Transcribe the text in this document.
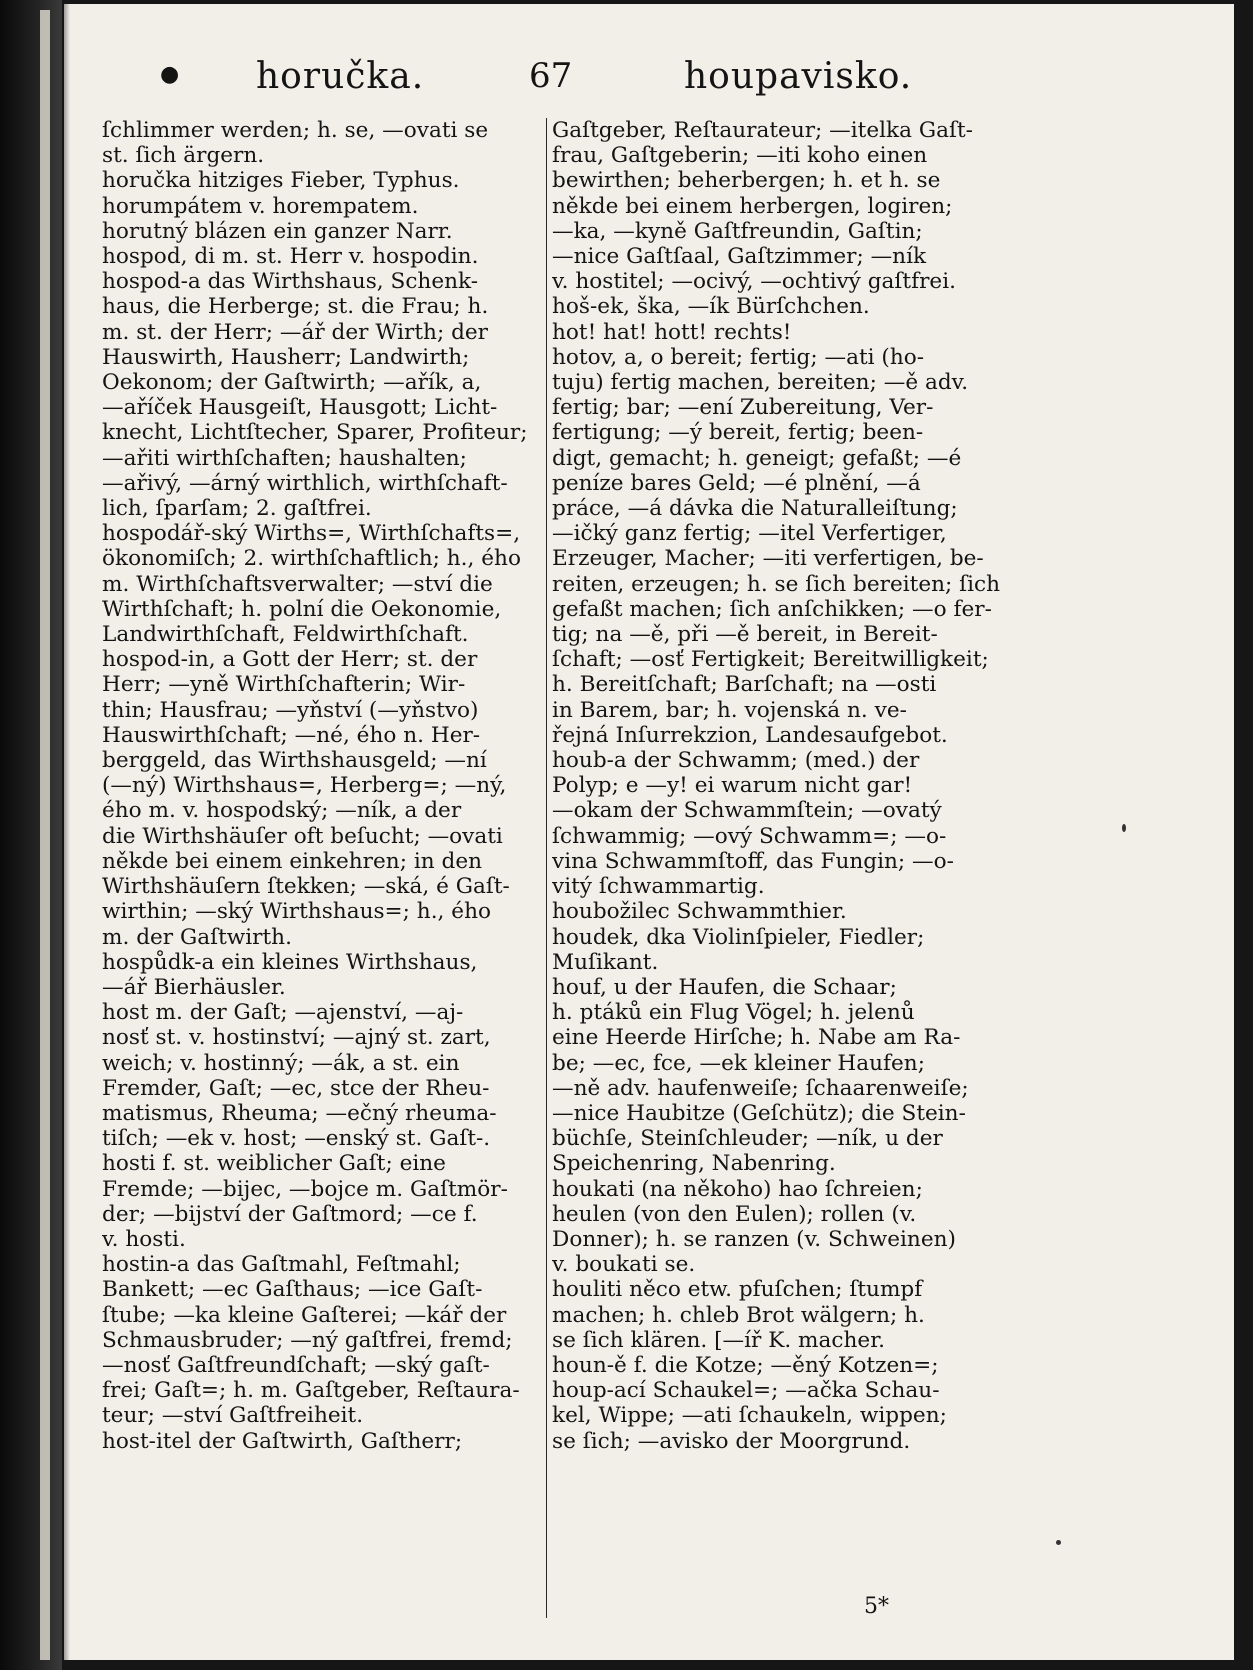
● horučka.	67	houpavisko.
ſchlimmer werden; h. se, —ovati se
st. ſich ärgern.
horučka hitziges Fieber, Typhus.
horumpátem v. horempatem.
horutný blázen ein ganzer Narr.
hospod, di m. st. Herr v. hospodin.
hospod-a das Wirthshaus, Schenk-
haus, die Herberge; st. die Frau; h.
m. st. der Herr; —ář der Wirth; der
Hauswirth, Hausherr; Landwirth;
Oekonom; der Gaſtwirth; —ařík, a,
—aříček Hausgeiſt, Hausgott; Licht-
knecht, Lichtſtecher, Sparer, Profiteur;
—ařiti wirthſchaften; haushalten;
—ařivý, —árný wirthlich, wirthſchaft-
lich, ſparſam; 2. gaſtfrei.
hospodář-ský Wirths=, Wirthſchafts=,
ökonomiſch; 2. wirthſchaftlich; h., ého
m. Wirthſchaftsverwalter; —ství die
Wirthſchaft; h. polní die Oekonomie,
Landwirthſchaft, Feldwirthſchaft.
hospod-in, a Gott der Herr; st. der
Herr; —yně Wirthſchafterin; Wir-
thin; Hausfrau; —yňství (—yňstvo)
Hauswirthſchaft; —né, ého n. Her-
berggeld, das Wirthshausgeld; —ní
(—ný) Wirthshaus=, Herberg=; —ný,
ého m. v. hospodský; —ník, a der
die Wirthshäuſer oft beſucht; —ovati
někde bei einem einkehren; in den
Wirthshäuſern ſtekken; —ská, é Gaſt-
wirthin; —ský Wirthshaus=; h., ého
m. der Gaſtwirth.
hospůdk-a ein kleines Wirthshaus,
—ář Bierhäusler.
host m. der Gaſt; —ajenství, —aj-
nosť st. v. hostinství; —ajný st. zart,
weich; v. hostinný; —ák, a st. ein
Fremder, Gaſt; —ec, stce der Rheu-
matismus, Rheuma; —ečný rheuma-
tiſch; —ek v. host; —enský st. Gaſt-.
hosti f. st. weiblicher Gaſt; eine
Fremde; —bijec, —bojce m. Gaſtmör-
der; —bijství der Gaſtmord; —ce f.
v. hosti.
hostin-a das Gaſtmahl, Feſtmahl;
Bankett; —ec Gaſthaus; —ice Gaſt-
ſtube; —ka kleine Gaſterei; —kář der
Schmausbruder; —ný gaſtfrei, fremd;
—nosť Gaſtfreundſchaft; —ský gaſt-
frei; Gaſt=; h. m. Gaſtgeber, Reſtaura-
teur; —ství Gaſtfreiheit.
host-itel der Gaſtwirth, Gaſtherr;
Gaſtgeber, Reſtaurateur; —itelka Gaſt-
frau, Gaſtgeberin; —iti koho einen
bewirthen; beherbergen; h. et h. se
někde bei einem herbergen, logiren;
—ka, —kyně Gaſtfreundin, Gaſtin;
—nice Gaſtſaal, Gaſtzimmer; —ník
v. hostitel; —ocivý, —ochtivý gaſtfrei.
hoš-ek, ška, —ík Bürſchchen.
hot! hat! hott! rechts!
hotov, a, o bereit; fertig; —ati (ho-
tuju) fertig machen, bereiten; —ě adv.
fertig; bar; —ení Zubereitung, Ver-
fertigung; —ý bereit, fertig; been-
digt, gemacht; h. geneigt; gefaßt; —é
peníze bares Geld; —é plnění, —á
práce, —á dávka die Naturalleiſtung;
—ičký ganz fertig; —itel Verfertiger,
Erzeuger, Macher; —iti verfertigen, be-
reiten, erzeugen; h. se ſich bereiten; ſich
gefaßt machen; ſich anſchikken; —o fer-
tig; na —ě, při —ě bereit, in Bereit-
ſchaft; —osť Fertigkeit; Bereitwilligkeit;
h. Bereitſchaft; Barſchaft; na —osti
in Barem, bar; h. vojenská n. ve-
řejná Inſurrekzion, Landesaufgebot.
houb-a der Schwamm; (med.) der
Polyp; e —y! ei warum nicht gar!
—okam der Schwammſtein; —ovatý
ſchwammig; —ový Schwamm=; —o-
vina Schwammſtoff, das Fungin; —o-
vitý ſchwammartig.
houbožilec Schwammthier.
houdek, dka Violinſpieler, Fiedler;
Muſikant.
houf, u der Haufen, die Schaar;
h. ptáků ein Flug Vögel; h. jelenů
eine Heerde Hirſche; h. Nabe am Ra-
be; —ec, fce, —ek kleiner Haufen;
—ně adv. haufenweiſe; ſchaarenweiſe;
—nice Haubitze (Geſchütz); die Stein-
büchſe, Steinſchleuder; —ník, u der
Speichenring, Nabenring.
houkati (na někoho) hao ſchreien;
heulen (von den Eulen); rollen (v.
Donner); h. se ranzen (v. Schweinen)
v. boukati se.
houliti něco etw. pfuſchen; ſtumpf
machen; h. chleb Brot wälgern; h.
se ſich klären. [—íř K. macher.
houn-ě f. die Kotze; —ěný Kotzen=;
houp-ací Schaukel=; —ačka Schau-
kel, Wippe; —ati ſchaukeln, wippen;
se ſich; —avisko der Moorgrund.
5*
